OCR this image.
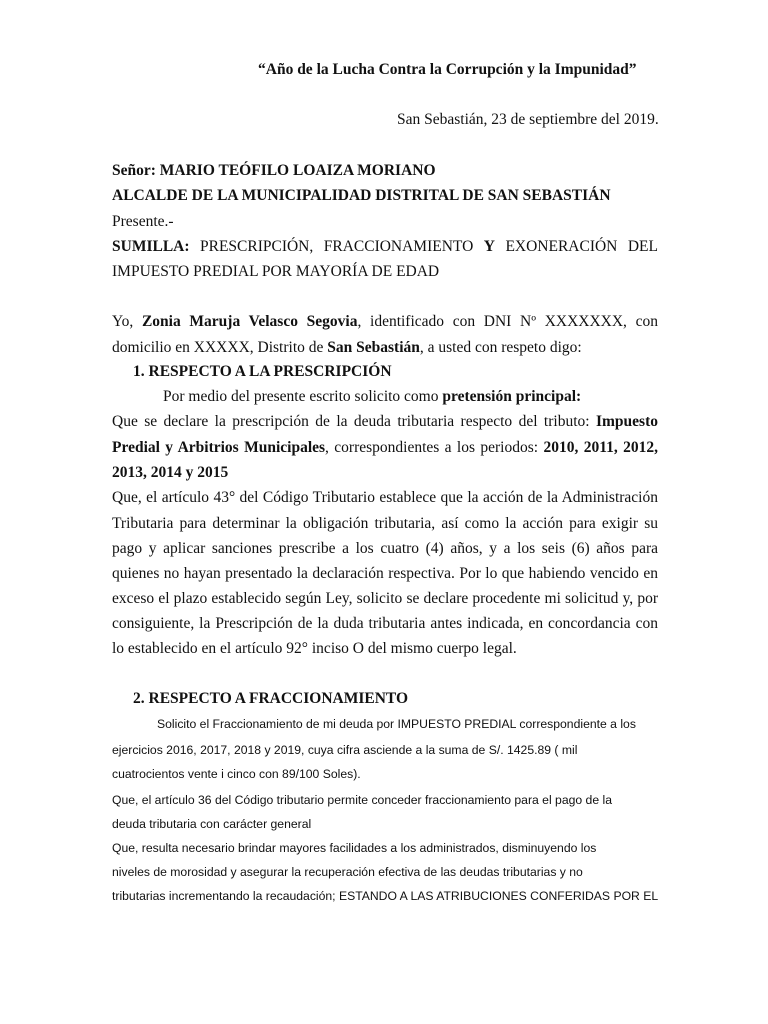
“Año de la Lucha Contra la Corrupción y la Impunidad”
San Sebastián, 23 de septiembre del 2019.
Señor: MARIO TEÓFILO LOAIZA MORIANO
ALCALDE DE LA MUNICIPALIDAD DISTRITAL DE SAN SEBASTIÁN
Presente.-
SUMILLA: PRESCRIPCIÓN, FRACCIONAMIENTO Y EXONERACIÓN DEL
IMPUESTO PREDIAL POR MAYORÍA DE EDAD
Yo, Zonia Maruja Velasco Segovia, identificado con DNI Nº XXXXXXX, con
domicilio en XXXXX, Distrito de San Sebastián, a usted con respeto digo:
1. RESPECTO A LA PRESCRIPCIÓN
Por medio del presente escrito solicito como pretensión principal:
Que se declare la prescripción de la deuda tributaria respecto del tributo: Impuesto
Predial y Arbitrios Municipales, correspondientes a los periodos: 2010, 2011, 2012,
2013, 2014 y 2015
Que, el artículo 43° del Código Tributario establece que la acción de la Administración
Tributaria para determinar la obligación tributaria, así como la acción para exigir su
pago y aplicar sanciones prescribe a los cuatro (4) años, y a los seis (6) años para
quienes no hayan presentado la declaración respectiva. Por lo que habiendo vencido en
exceso el plazo establecido según Ley, solicito se declare procedente mi solicitud y, por
consiguiente, la Prescripción de la duda tributaria antes indicada, en concordancia con
lo establecido en el artículo 92° inciso O del mismo cuerpo legal.
2. RESPECTO A FRACCIONAMIENTO
Solicito el Fraccionamiento de mi deuda por IMPUESTO PREDIAL correspondiente a los
ejercicios 2016, 2017, 2018 y 2019, cuya cifra asciende a la suma de S/. 1425.89 ( mil
cuatrocientos vente i cinco con 89/100 Soles).
Que, el artículo 36 del Código tributario permite conceder fraccionamiento para el pago de la
deuda tributaria con carácter general
Que, resulta necesario brindar mayores facilidades a los administrados, disminuyendo los
niveles de morosidad y asegurar la recuperación efectiva de las deudas tributarias y no
tributarias incrementando la recaudación; ESTANDO A LAS ATRIBUCIONES CONFERIDAS POR EL
